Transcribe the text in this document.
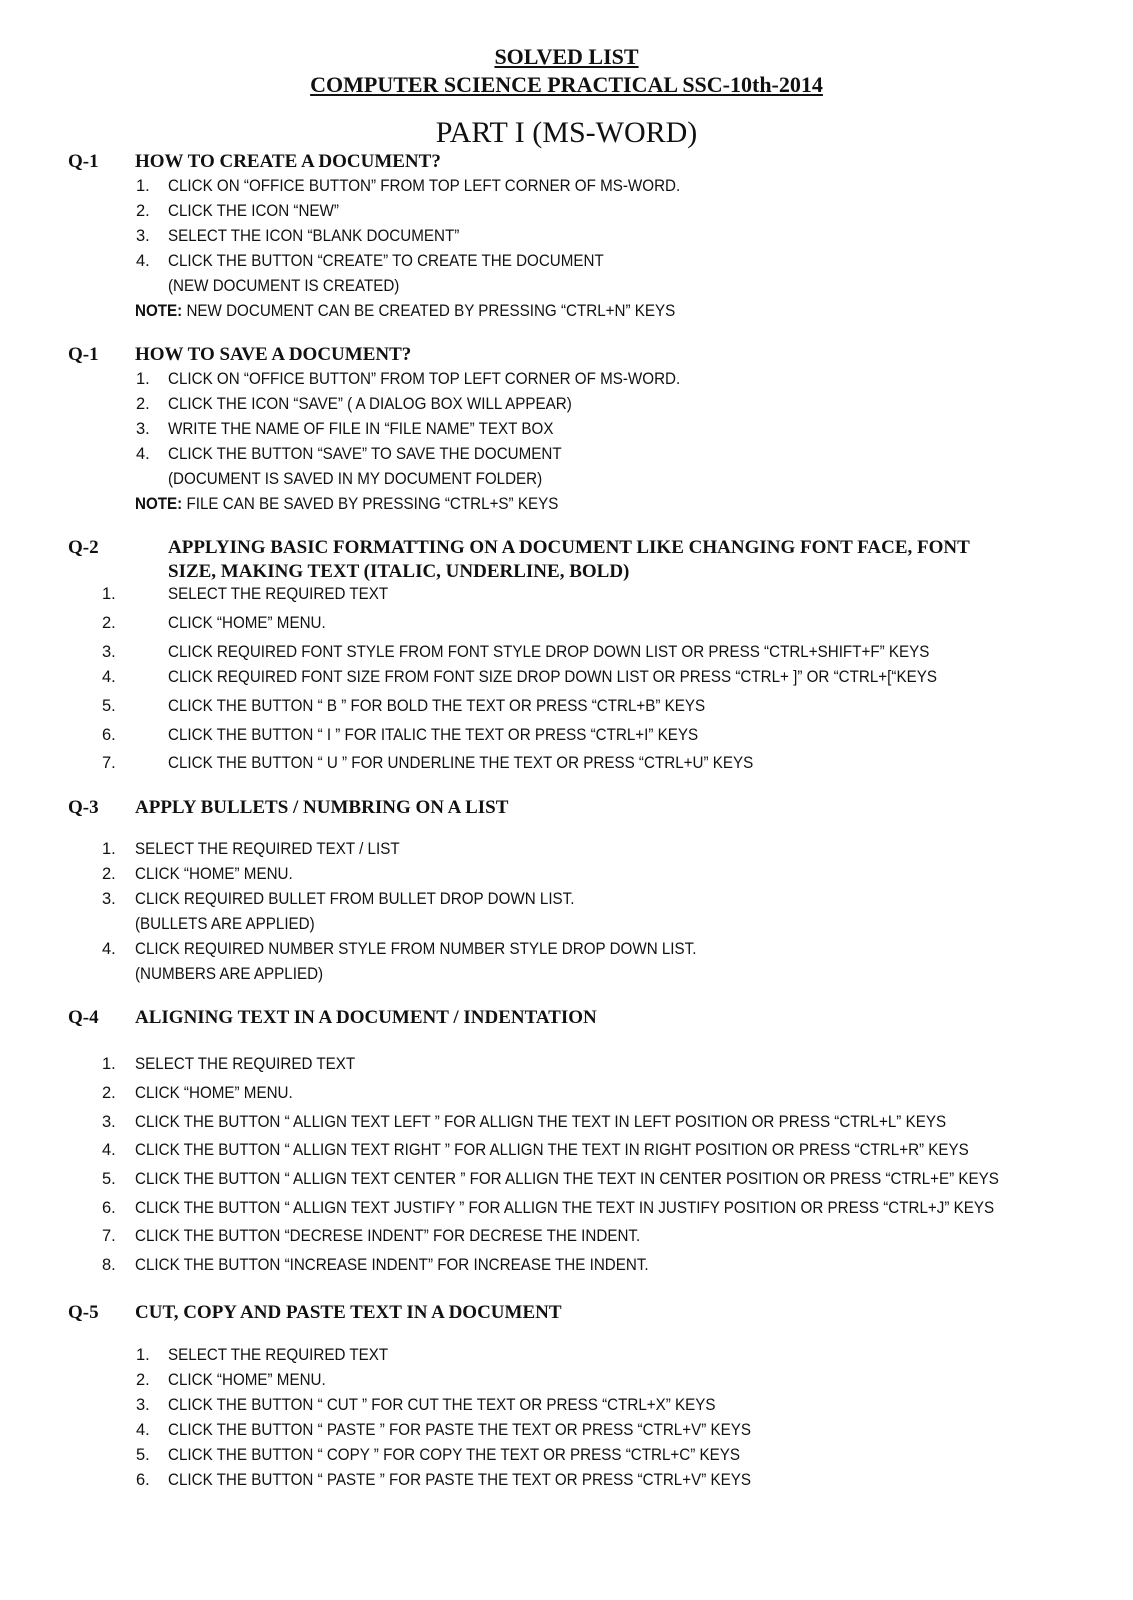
SOLVED LIST
COMPUTER SCIENCE PRACTICAL SSC-10th-2014
PART I (MS-WORD)
Q-1 HOW TO CREATE A DOCUMENT?
1. CLICK ON “OFFICE BUTTON” FROM TOP LEFT CORNER OF MS-WORD.
2. CLICK THE ICON “NEW”
3. SELECT THE ICON “BLANK DOCUMENT”
4. CLICK THE BUTTON “CREATE” TO CREATE THE DOCUMENT
(NEW DOCUMENT IS CREATED)
NOTE: NEW DOCUMENT CAN BE CREATED BY PRESSING “CTRL+N” KEYS
Q-1 HOW TO SAVE A DOCUMENT?
1. CLICK ON “OFFICE BUTTON” FROM TOP LEFT CORNER OF MS-WORD.
2. CLICK THE ICON “SAVE” ( A DIALOG BOX WILL APPEAR)
3. WRITE THE NAME OF FILE IN “FILE NAME” TEXT BOX
4. CLICK THE BUTTON “SAVE” TO SAVE THE DOCUMENT
(DOCUMENT IS SAVED IN MY DOCUMENT FOLDER)
NOTE: FILE CAN BE SAVED BY PRESSING “CTRL+S” KEYS
Q-2	APPLYING BASIC FORMATTING ON A DOCUMENT LIKE CHANGING FONT FACE, FONT
SIZE, MAKING TEXT (ITALIC, UNDERLINE, BOLD)
1.	SELECT THE REQUIRED TEXT
2.	CLICK “HOME” MENU.
3.	CLICK REQUIRED FONT STYLE FROM FONT STYLE DROP DOWN LIST OR PRESS “CTRL+SHIFT+F” KEYS
4.	CLICK REQUIRED FONT SIZE FROM FONT SIZE DROP DOWN LIST OR PRESS “CTRL+ ]” OR “CTRL+[“KEYS
5.	CLICK THE BUTTON “ B ” FOR BOLD THE TEXT OR PRESS “CTRL+B” KEYS
6.	CLICK THE BUTTON “ I ” FOR ITALIC THE TEXT OR PRESS “CTRL+I” KEYS
7.	CLICK THE BUTTON “ U ” FOR UNDERLINE THE TEXT OR PRESS “CTRL+U” KEYS
Q-3 APPLY BULLETS / NUMBRING ON A LIST
1. SELECT THE REQUIRED TEXT / LIST
2. CLICK “HOME” MENU.
3. CLICK REQUIRED BULLET FROM BULLET DROP DOWN LIST.
(BULLETS ARE APPLIED)
4. CLICK REQUIRED NUMBER STYLE FROM NUMBER STYLE DROP DOWN LIST.
(NUMBERS ARE APPLIED)
Q-4 ALIGNING TEXT IN A DOCUMENT / INDENTATION
1. SELECT THE REQUIRED TEXT
2. CLICK “HOME” MENU.
3. CLICK THE BUTTON “ ALLIGN TEXT LEFT ” FOR ALLIGN THE TEXT IN LEFT POSITION OR PRESS “CTRL+L” KEYS
4. CLICK THE BUTTON “ ALLIGN TEXT RIGHT ” FOR ALLIGN THE TEXT IN RIGHT POSITION OR PRESS “CTRL+R” KEYS
5. CLICK THE BUTTON “ ALLIGN TEXT CENTER ” FOR ALLIGN THE TEXT IN CENTER POSITION OR PRESS “CTRL+E” KEYS
6. CLICK THE BUTTON “ ALLIGN TEXT JUSTIFY ” FOR ALLIGN THE TEXT IN JUSTIFY POSITION OR PRESS “CTRL+J” KEYS
7. CLICK THE BUTTON “DECRESE INDENT” FOR DECRESE THE INDENT.
8. CLICK THE BUTTON “INCREASE INDENT” FOR INCREASE THE INDENT.
Q-5 CUT, COPY AND PASTE TEXT IN A DOCUMENT
1. SELECT THE REQUIRED TEXT
2. CLICK “HOME” MENU.
3. CLICK THE BUTTON “ CUT ” FOR CUT THE TEXT OR PRESS “CTRL+X” KEYS
4. CLICK THE BUTTON “ PASTE ” FOR PASTE THE TEXT OR PRESS “CTRL+V” KEYS
5. CLICK THE BUTTON “ COPY ” FOR COPY THE TEXT OR PRESS “CTRL+C” KEYS
6. CLICK THE BUTTON “ PASTE ” FOR PASTE THE TEXT OR PRESS “CTRL+V” KEYS
